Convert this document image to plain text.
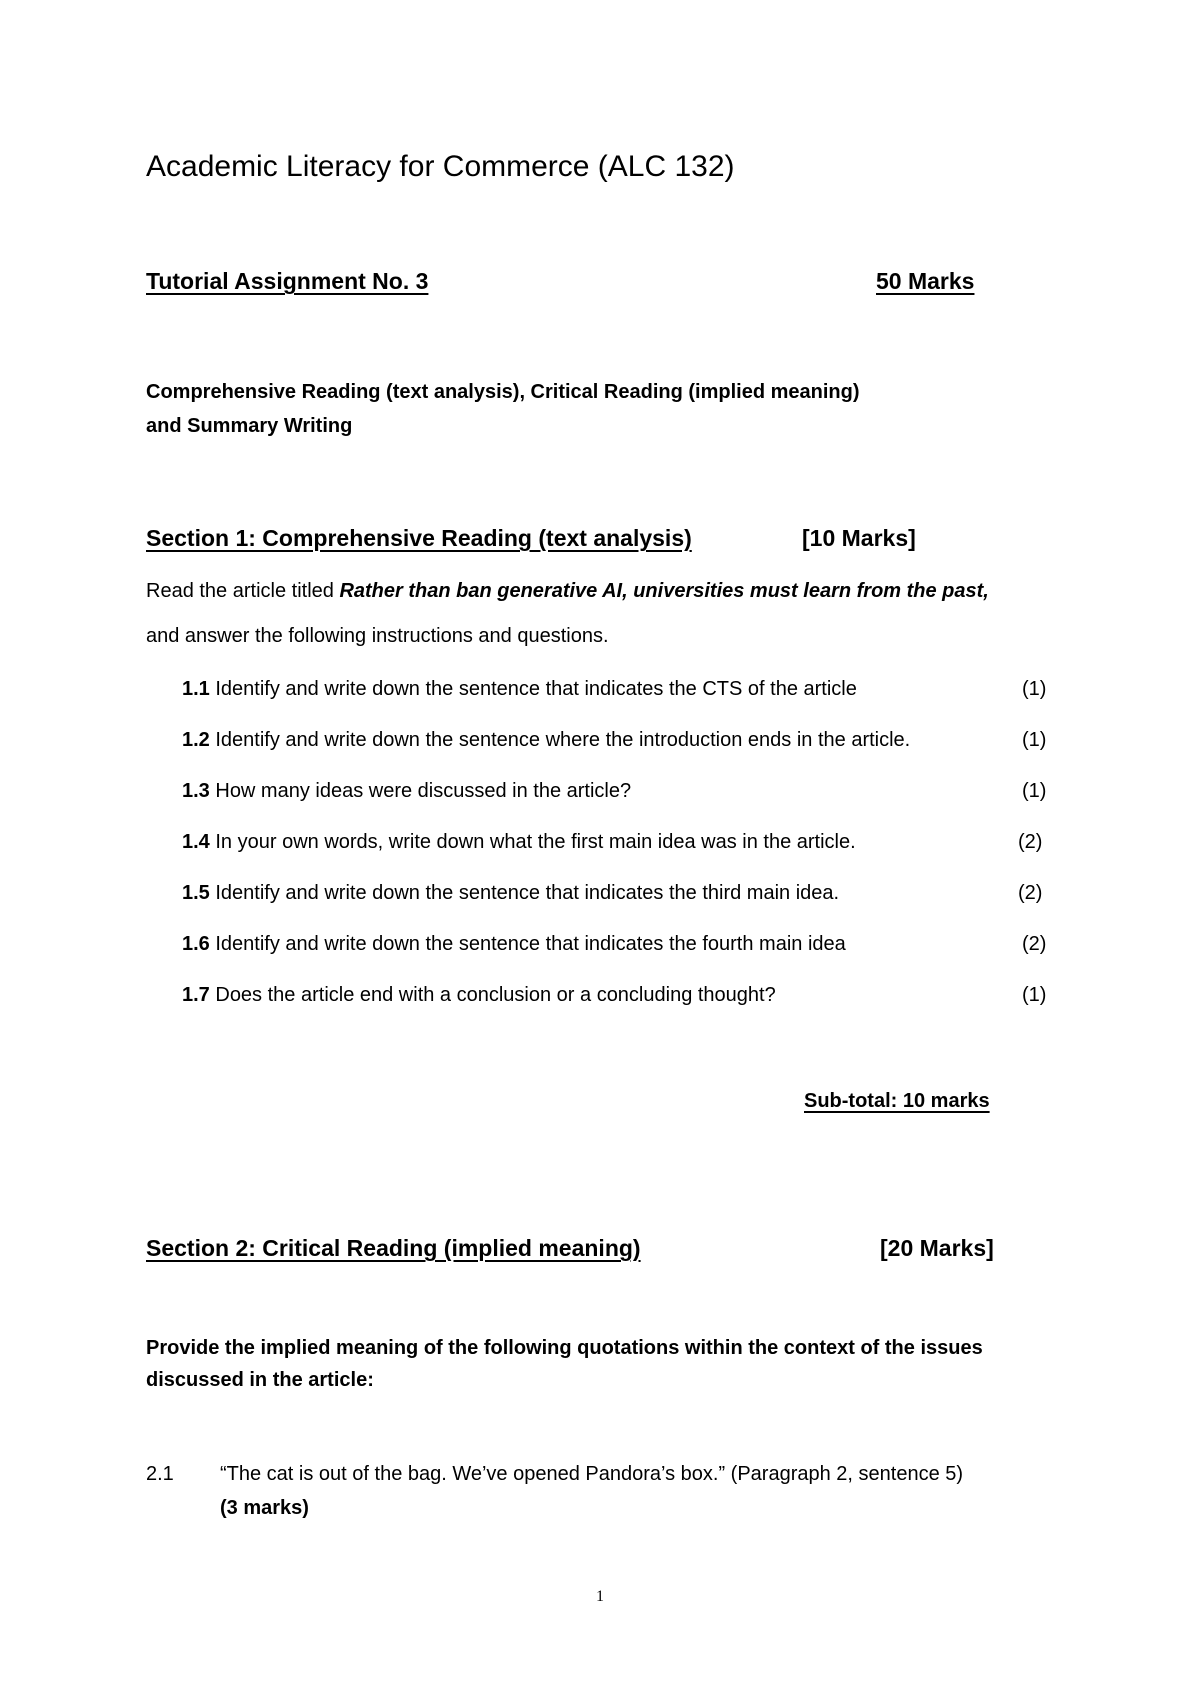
Academic Literacy for Commerce (ALC 132)
Tutorial Assignment No. 3	50 Marks
Comprehensive Reading (text analysis), Critical Reading (implied meaning)
and Summary Writing
Section 1: Comprehensive Reading (text analysis)	[10 Marks]
Read the article titled Rather than ban generative AI, universities must learn from the past,
and answer the following instructions and questions.
1.1 Identify and write down the sentence that indicates the CTS of the article	(1)
1.2 Identify and write down the sentence where the introduction ends in the article.	(1)
1.3 How many ideas were discussed in the article?	(1)
1.4 In your own words, write down what the first main idea was in the article.	(2)
1.5 Identify and write down the sentence that indicates the third main idea.	(2)
1.6 Identify and write down the sentence that indicates the fourth main idea	(2)
1.7 Does the article end with a conclusion or a concluding thought?	(1)
Sub-total: 10 marks
Section 2: Critical Reading (implied meaning)	[20 Marks]
Provide the implied meaning of the following quotations within the context of the issues
discussed in the article:
2.1 “The cat is out of the bag. We’ve opened Pandora’s box.” (Paragraph 2, sentence 5)
(3 marks)
1
